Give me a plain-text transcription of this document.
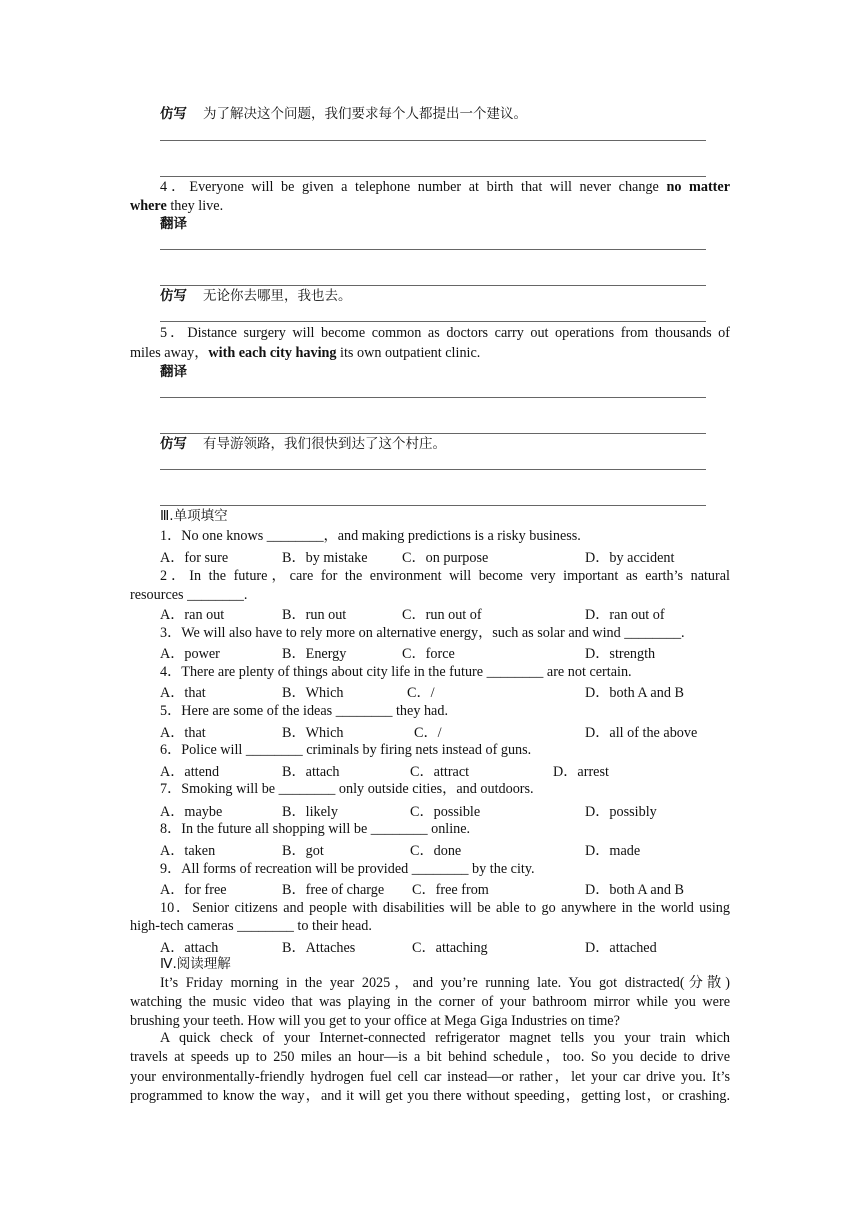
仿写 为了解决这个问题，我们要求每个人都提出一个建议。
4．Everyone will be given a telephone number at birth that will never change no matter
where they live.
翻译
仿写 无论你去哪里，我也去。
5．Distance surgery will become common as doctors carry out operations from thousands of
miles away，with each city having its own outpatient clinic.
翻译
仿写 有导游领路，我们很快到达了这个村庄。
Ⅲ.单项填空
1．No one knows ________，and making predictions is a risky business.
A．for sure	B．by mistake C．on purpose	D．by accident
2．In the future，care for the environment will become very important as earth’s natural
resources ________.
A．ran out	B．run out	C．run out of	D．ran out of
3．We will also have to rely more on alternative energy，such as solar and wind ________.
A．power	B．Energy	C．force	D．strength
4．There are plenty of things about city life in the future ________ are not certain.
A．that	B．Which	C．/	D．both A and B
5．Here are some of the ideas ________ they had.
A．that	B．Which	C．/	D．all of the above
6．Police will ________ criminals by firing nets instead of guns.
A．attend	B．attach	C．attract	D．arrest
7．Smoking will be ________ only outside cities，and outdoors.
A．maybe	B．likely	C．possible	D．possibly
8．In the future all shopping will be ________ online.
A．taken	B．got	C．done	D．made
9．All forms of recreation will be provided ________ by the city.
A．for free	B．free of charge C．free from	D．both A and B
10．Senior citizens and people with disabilities will be able to go anywhere in the world using
high-tech cameras ________ to their head.
A．attach	B．Attaches	C．attaching	D．attached
Ⅳ.阅读理解
It’s Friday morning in the year 2025，and you’re running late. You got distracted(分散)
watching the music video that was playing in the corner of your bathroom mirror while you were
brushing your teeth. How will you get to your office at Mega Giga Industries on time?
A quick check of your Internet-connected refrigerator magnet tells you your train which
travels at speeds up to 250 miles an hour—is a bit behind schedule，too. So you decide to drive
your environmentally-friendly hydrogen fuel cell car instead—or rather，let your car drive you. It’s
programmed to know the way，and it will get you there without speeding，getting lost，or crashing.
